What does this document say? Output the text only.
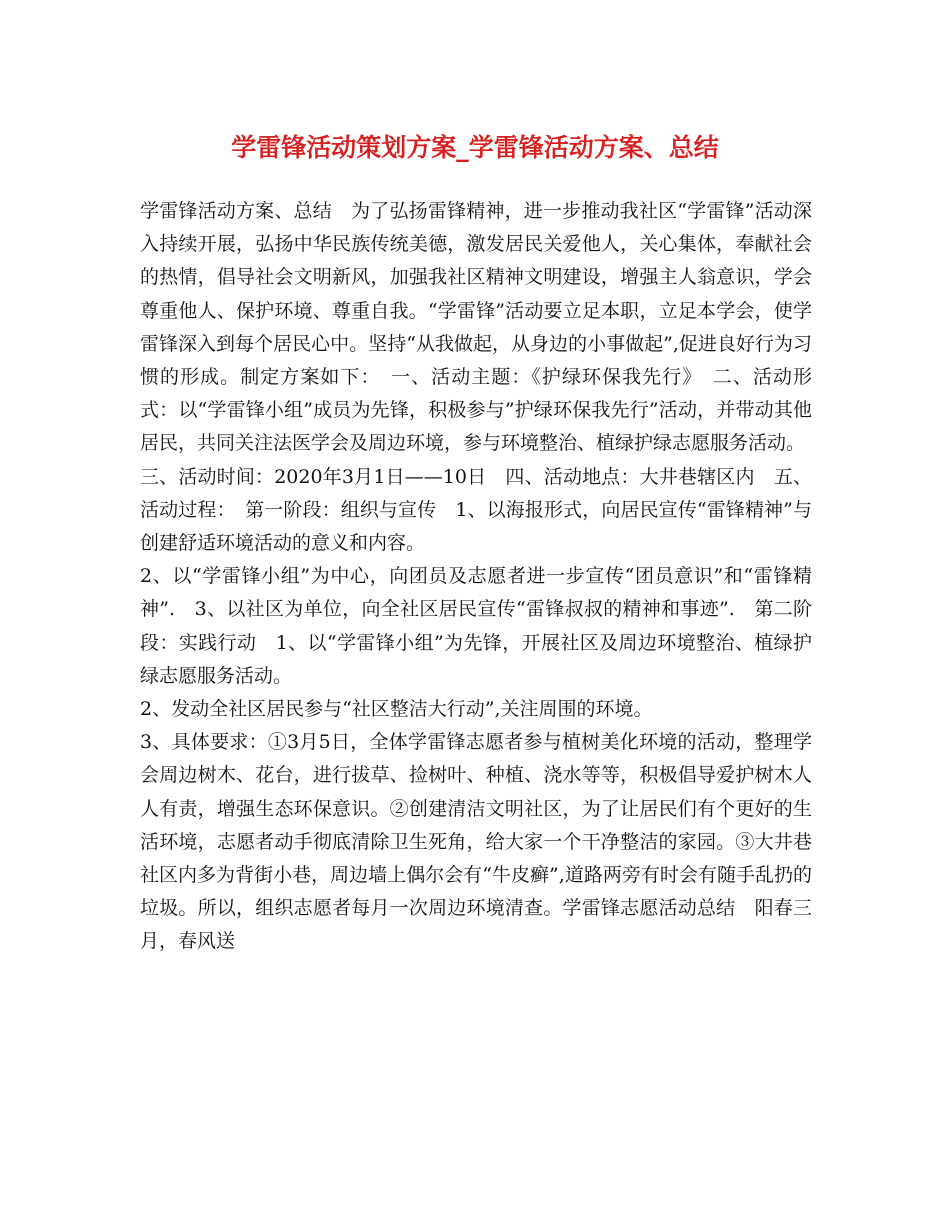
学雷锋活动策划方案_学雷锋活动方案、总结

学雷锋活动方案、总结　为了弘扬雷锋精神，进一步推动我社区“学雷锋”活动深入持续开展，弘扬中华民族传统美德，激发居民关爱他人，关心集体，奉献社会的热情，倡导社会文明新风，加强我社区精神文明建设，增强主人翁意识，学会尊重他人、保护环境、尊重自我。“学雷锋”活动要立足本职，立足本学会，使学雷锋深入到每个居民心中。坚持“从我做起，从身边的小事做起”,促进良好行为习惯的形成。制定方案如下：　一、活动主题：《护绿环保我先行》　二、活动形式：以“学雷锋小组”成员为先锋，积极参与”护绿环保我先行”活动，并带动其他居民，共同关注法医学会及周边环境，参与环境整治、植绿护绿志愿服务活动。

三、活动时间：2020年3月1日——10日　四、活动地点：大井巷辖区内　五、活动过程：　第一阶段：组织与宣传　1、以海报形式，向居民宣传“雷锋精神”与创建舒适环境活动的意义和内容。

2、以“学雷锋小组”为中心，向团员及志愿者进一步宣传“团员意识”和“雷锋精神”.　3、以社区为单位，向全社区居民宣传“雷锋叔叔的精神和事迹”.　第二阶段：实践行动　1、以“学雷锋小组”为先锋，开展社区及周边环境整治、植绿护绿志愿服务活动。

2、发动全社区居民参与“社区整洁大行动”,关注周围的环境。

3、具体要求：①3月5日，全体学雷锋志愿者参与植树美化环境的活动，整理学会周边树木、花台，进行拔草、捡树叶、种植、浇水等等，积极倡导爱护树木人人有责，增强生态环保意识。②创建清洁文明社区，为了让居民们有个更好的生活环境，志愿者动手彻底清除卫生死角，给大家一个干净整洁的家园。③大井巷社区内多为背街小巷，周边墙上偶尔会有“牛皮癣”,道路两旁有时会有随手乱扔的垃圾。所以，组织志愿者每月一次周边环境清查。学雷锋志愿活动总结　阳春三月，春风送
